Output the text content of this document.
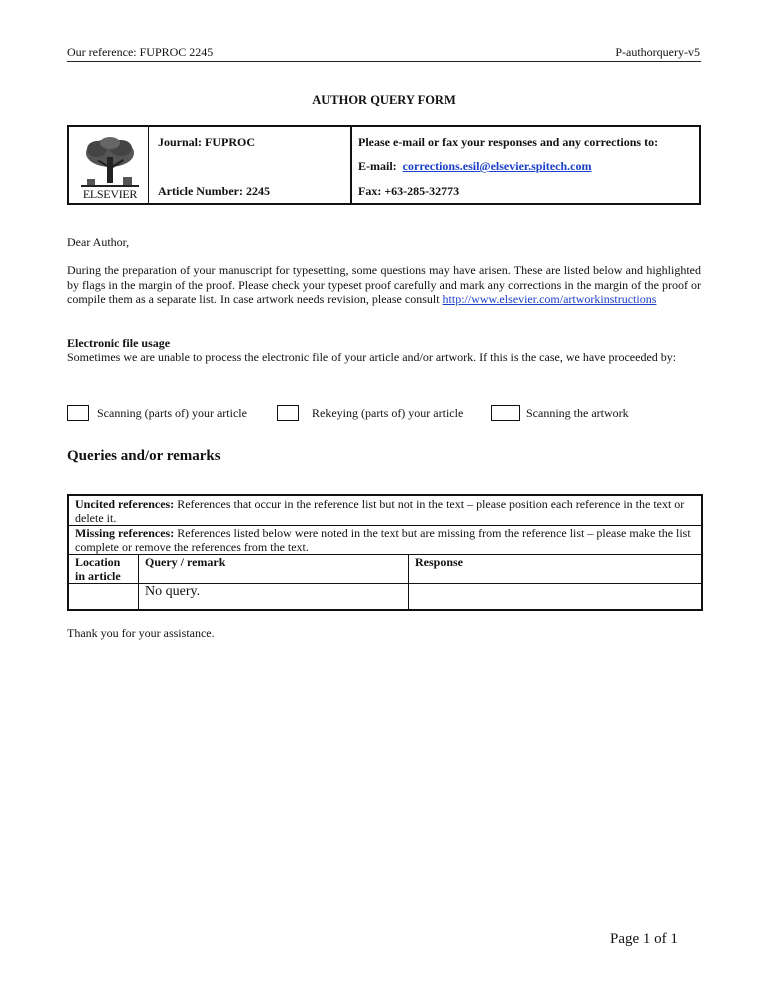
Our reference: FUPROC 2245	P-authorquery-v5
AUTHOR QUERY FORM
ELSEVIER
Journal: FUPROC
Article Number: 2245
Please e-mail or fax your responses and any corrections to:
E-mail: corrections.esil@elsevier.spitech.com
Fax: +63-285-32773
Dear Author,
During the preparation of your manuscript for typesetting, some questions may have arisen. These are listed below and highlighted by flags in the margin of the proof. Please check your typeset proof carefully and mark any corrections in the margin of the proof or compile them as a separate list. In case artwork needs revision, please consult http://www.elsevier.com/artworkinstructions
Electronic file usage
Sometimes we are unable to process the electronic file of your article and/or artwork. If this is the case, we have proceeded by:
Scanning (parts of) your article	Rekeying (parts of) your article	Scanning the artwork
Queries and/or remarks
Uncited references: References that occur in the reference list but not in the text – please position each reference in the text or delete it.		
Missing references: References listed below were noted in the text but are missing from the reference list – please make the list complete or remove the references from the text.		
Location in article	Query / remark	Response
	No query.	
Thank you for your assistance.
Page 1 of 1
